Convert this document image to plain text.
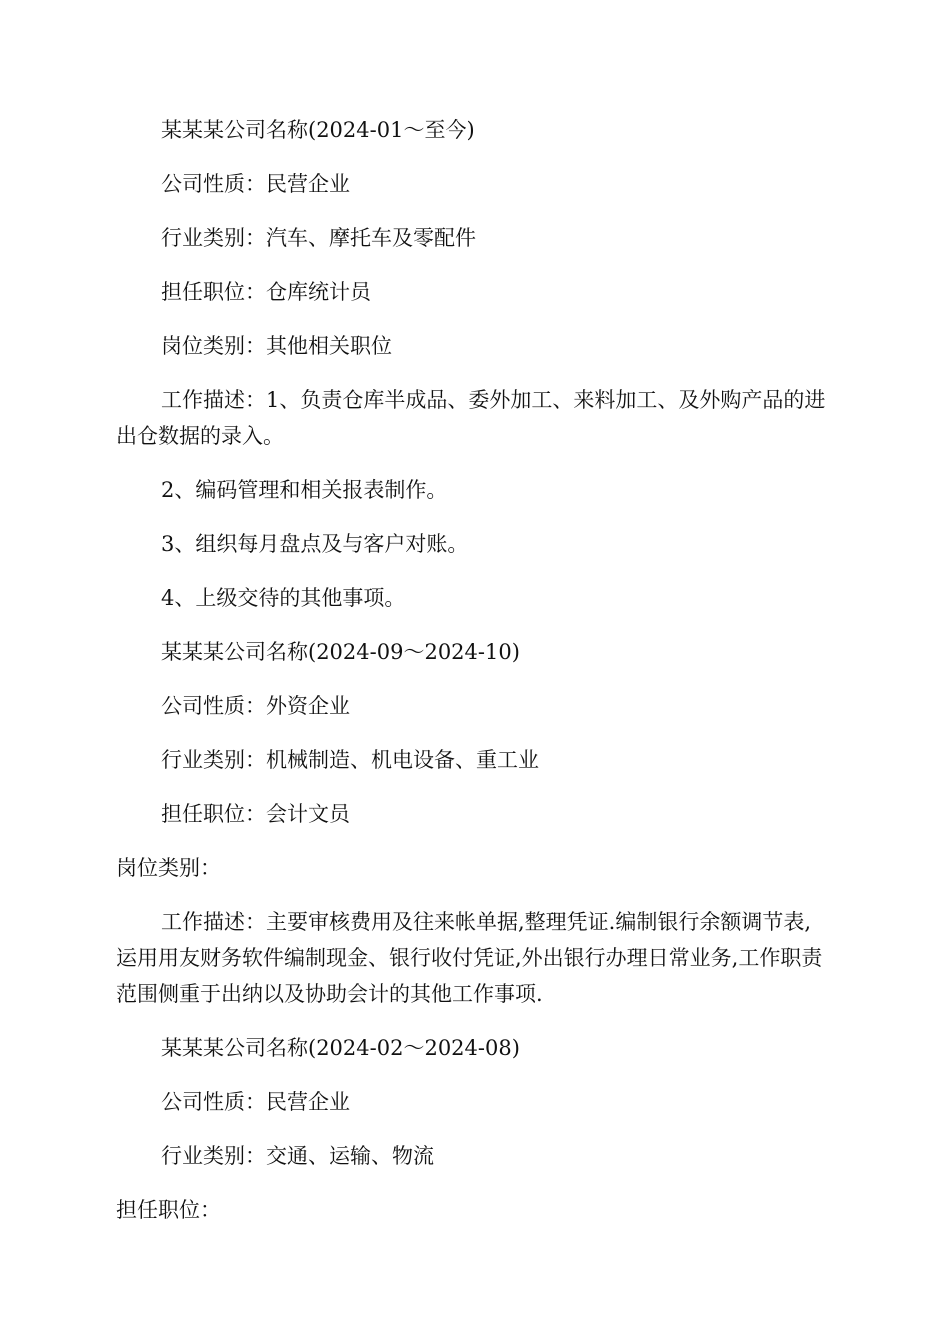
某某某公司名称(2024-01～至今)

公司性质：民营企业

行业类别：汽车、摩托车及零配件

担任职位：仓库统计员

岗位类别：其他相关职位

工作描述：1、负责仓库半成品、委外加工、来料加工、及外购产品的进出仓数据的录入。

2、编码管理和相关报表制作。

3、组织每月盘点及与客户对账。

4、上级交待的其他事项。

某某某公司名称(2024-09～2024-10)

公司性质：外资企业

行业类别：机械制造、机电设备、重工业

担任职位：会计文员

岗位类别：

工作描述：主要审核费用及往来帐单据,整理凭证.编制银行余额调节表,运用用友财务软件编制现金、银行收付凭证,外出银行办理日常业务,工作职责范围侧重于出纳以及协助会计的其他工作事项.

某某某公司名称(2024-02～2024-08)

公司性质：民营企业

行业类别：交通、运输、物流

担任职位：
